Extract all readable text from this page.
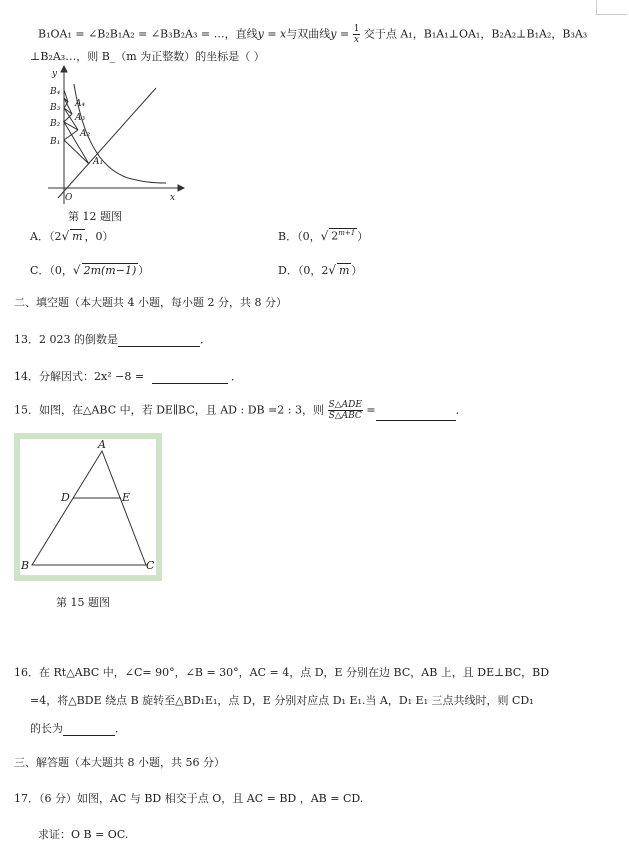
B₁OA₁ = ∠B₂B₁A₂ = ∠B₃B₂A₃ = …，直线y = x与双曲线$y = \frac{1}{x}$ 交于点 A₁，B₁A₁⊥OA₁，B₂A₂⊥B₁A₂，B₃A₃
⊥B₂A₃…，则 B_（m 为正整数）的坐标是（ ）
y
x
O
B₄
B₃
B₂
B₁
A₄
A₃
A₂
A₁
第 12 题图
A．（2√ m ，0）	B．（0，√ $2^{m+1}$ ）
C．（0，√ 2m(m−1) ）	D．（0，2√ m ）
二、填空题（本大题共 4 小题，每小题 2 分，共 8 分）
13．2 023 的倒数是	．
14．分解因式：2x² −8 =	．
15．如图，在△ABC 中，若 DE∥BC，且 AD : DB =2 : 3，则 $\frac{\text{S△ADE}}{\text{S△ABC}}$ =	．
A
D	E
B	C
第 15 题图
16．在 Rt△ABC 中，∠C= 90°，∠B = 30°，AC = 4，点 D，E 分别在边 BC，AB 上，且 DE⊥BC，BD
=4，将△BDE 绕点 B 旋转至△BD₁E₁，点 D，E 分别对应点 D₁ E₁.当 A，D₁ E₁ 三点共线时，则 CD₁
的长为	．
三、解答题（本大题共 8 小题，共 56 分）
17．（6 分）如图，AC 与 BD 相交于点 O，且 AC = BD ，AB = CD.
求证：O B = OC.
